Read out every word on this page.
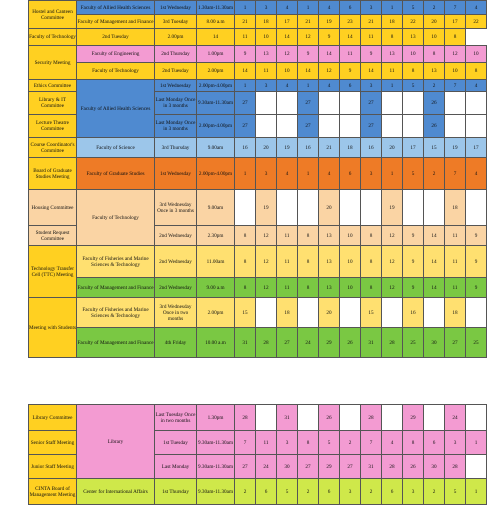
Hostel and Canteen Committee	Faculty of Allied Health Sciences	1st Wednesday	1.30am-11.30am	1	3	4	1	4	6	3	1	5	2	7	4
	Faculty of Management and Finance	3rd Tuesday	8.00 a.m	21	18	17	21	19	23	21	18	22	20	17	22
Faculty of Technology	2nd Tuesday	2.00pm	14	11	10	14	12	9	14	11	8	13	10	8	
Security Meeting	Faculty of Engineering	2nd Thursday	1.00pm	9	13	12	9	14	11	9	13	10	8	12	10
	Faculty of Technology	2nd Tuesday	2.00pm	14	11	10	14	12	9	14	11	8	13	10	8
Ethics Committee	Faculty of Allied Health Sciences	1st Wednesday	2.00pm-4.00pm	1	3	4	1	4	6	3	1	5	2	7	4
Library & IT Committee		Last Monday Once in 3 months	9.30am-11.30am	27			27			27			26		
Lecture Theatre Committee		Last Monday Once in 3 months	2.00pm-4.00pm	27			27			27			26		
Course Coordinator's Committee	Faculty of Science	3rd Thursday	9.00am	16	20	19	16	21	18	16	20	17	15	19	17
Board of Graduate Studies Meeting	Faculty of Graduate Studies	1st Wednesday	2.00pm-4.00pm	1	3	4	1	4	6	3	1	5	2	7	4
Housing Committee	Faculty of Technology	3rd Wednesday Once in 3 months	9.00am		19			20			19			18	
Student Request Committee		2nd Wednesday	2.30pm	8	12	11	8	13	10	8	12	9	14	11	9
Technology Transfer Cell (TTC) Meeting	Faculty of Fisheries and Marine Sciences & Technology	2nd Wednesday	11.00am	8	12	11	8	13	10	8	12	9	14	11	9
	Faculty of Management and Finance	2nd Wednesday	9.00 a.m	8	12	11	8	13	10	8	12	9	14	11	9
Meeting with Students	Faculty of Fisheries and Marine Sciences & Technology	3rd Wednesday Once in two months	2.00pm	15		18		20		15		16		18	
	Faculty of Management and Finance	4th Friday	10.00 a.m	31	28	27	24	29	26	31	28	25	30	27	25
Library Committee	Library	Last Tuesday Once in two months	1.30pm	28		31		26		28		29		24	
Senior Staff Meeting		1st Tuesday	9.30am-11.30am	7	11	3	8	5	2	7	4	8	6	3	1
Junior Staff Meeting		Last Monday	9.30am-11.30am	27	24	30	27	29	27	31	28	26	30	28	
CINTA Board of Management Meeting	Center for International Affairs	1st Thursday	9.30am-11.30am	2	6	5	2	6	3	2	6	3	2	5	1
